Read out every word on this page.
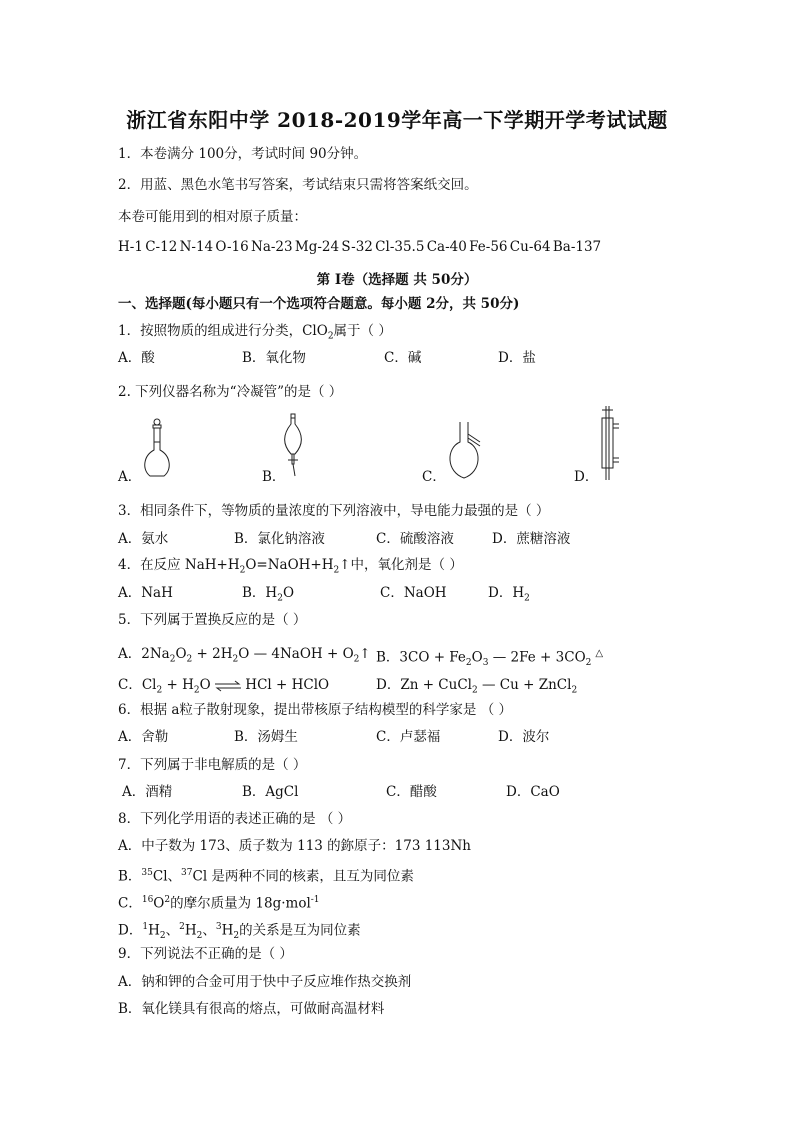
浙江省东阳中学 2018-2019学年高一下学期开学考试试题
1．本卷满分 100分，考试时间 90分钟。
2．用蓝、黑色水笔书写答案，考试结束只需将答案纸交回。
本卷可能用到的相对原子质量：
H-1 C-12 N-14 O-16 Na-23 Mg-24 S-32 Cl-35.5 Ca-40 Fe-56 Cu-64 Ba-137
第 I卷（选择题 共 50分）
一、选择题(每小题只有一个选项符合题意。每小题 2分，共 50分)
1．按照物质的组成进行分类，ClO$_2$属于（ ）
A．酸	B．氧化物	C．碱	D．盐
2. 下列仪器名称为“冷凝管”的是（ ）
A．	B．	C．	D．
3．相同条件下，等物质的量浓度的下列溶液中，导电能力最强的是（ ）
A．氨水	B．氯化钠溶液	C．硫酸溶液	D．蔗糖溶液
4．在反应 $NaH+H_2O=NaOH+H_2↑$中，氧化剂是（ ）
A．NaH	B．$H_2O$	C．NaOH	D．$H_2$
5．下列属于置换反应的是（ ）
A．$2Na_2O_2 + 2H_2O$ — 4NaOH + $O_2↑$ B．$3CO + Fe_2O_3$ — $2Fe + 3CO_2^\triangle$
C．$Cl_2 + H_2O$ ⇌ HCl + HClO	D．Zn + CuCl$_2$ — Cu + ZnCl$_2$
6．根据 a粒子散射现象，提出带核原子结构模型的科学家是 （ ）
A．舍勒	B．汤姆生	C．卢瑟福	D．波尔
7．下列属于非电解质的是（ ）
A．酒精	B．AgCl	C．醋酸	D．CaO
8．下列化学用语的表述正确的是 （ ）
A．中子数为 173、质子数为 113 的鉨原子：173 113Nh
B．$^{35}$Cl、$^{37}$Cl 是两种不同的核素，且互为同位素
C．$^{16}O^2$的摩尔质量为 18g·mol$^{-1}$
D．$^1H_2$、$^2H_2$、$^3H_2$的关系是互为同位素
9．下列说法不正确的是（ ）
A．钠和钾的合金可用于快中子反应堆作热交换剂
B．氧化镁具有很高的熔点，可做耐高温材料
